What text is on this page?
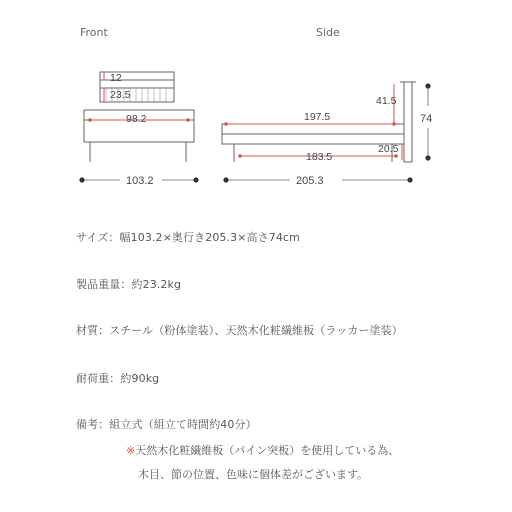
Front	Side
12
23.5
98.2
103.2
41.5
197.5
183.5
20.5
74
205.3
サイズ：幅103.2×奥行き205.3×高さ74cm
製品重量：約23.2kg
材質：スチール（粉体塗装）、天然木化粧繊維板（ラッカー塗装）
耐荷重：約90kg
備考：組立式（組立て時間約40分）
※天然木化粧繊維板（パイン突板）を使用している為、
木目、節の位置、色味に個体差がございます。
